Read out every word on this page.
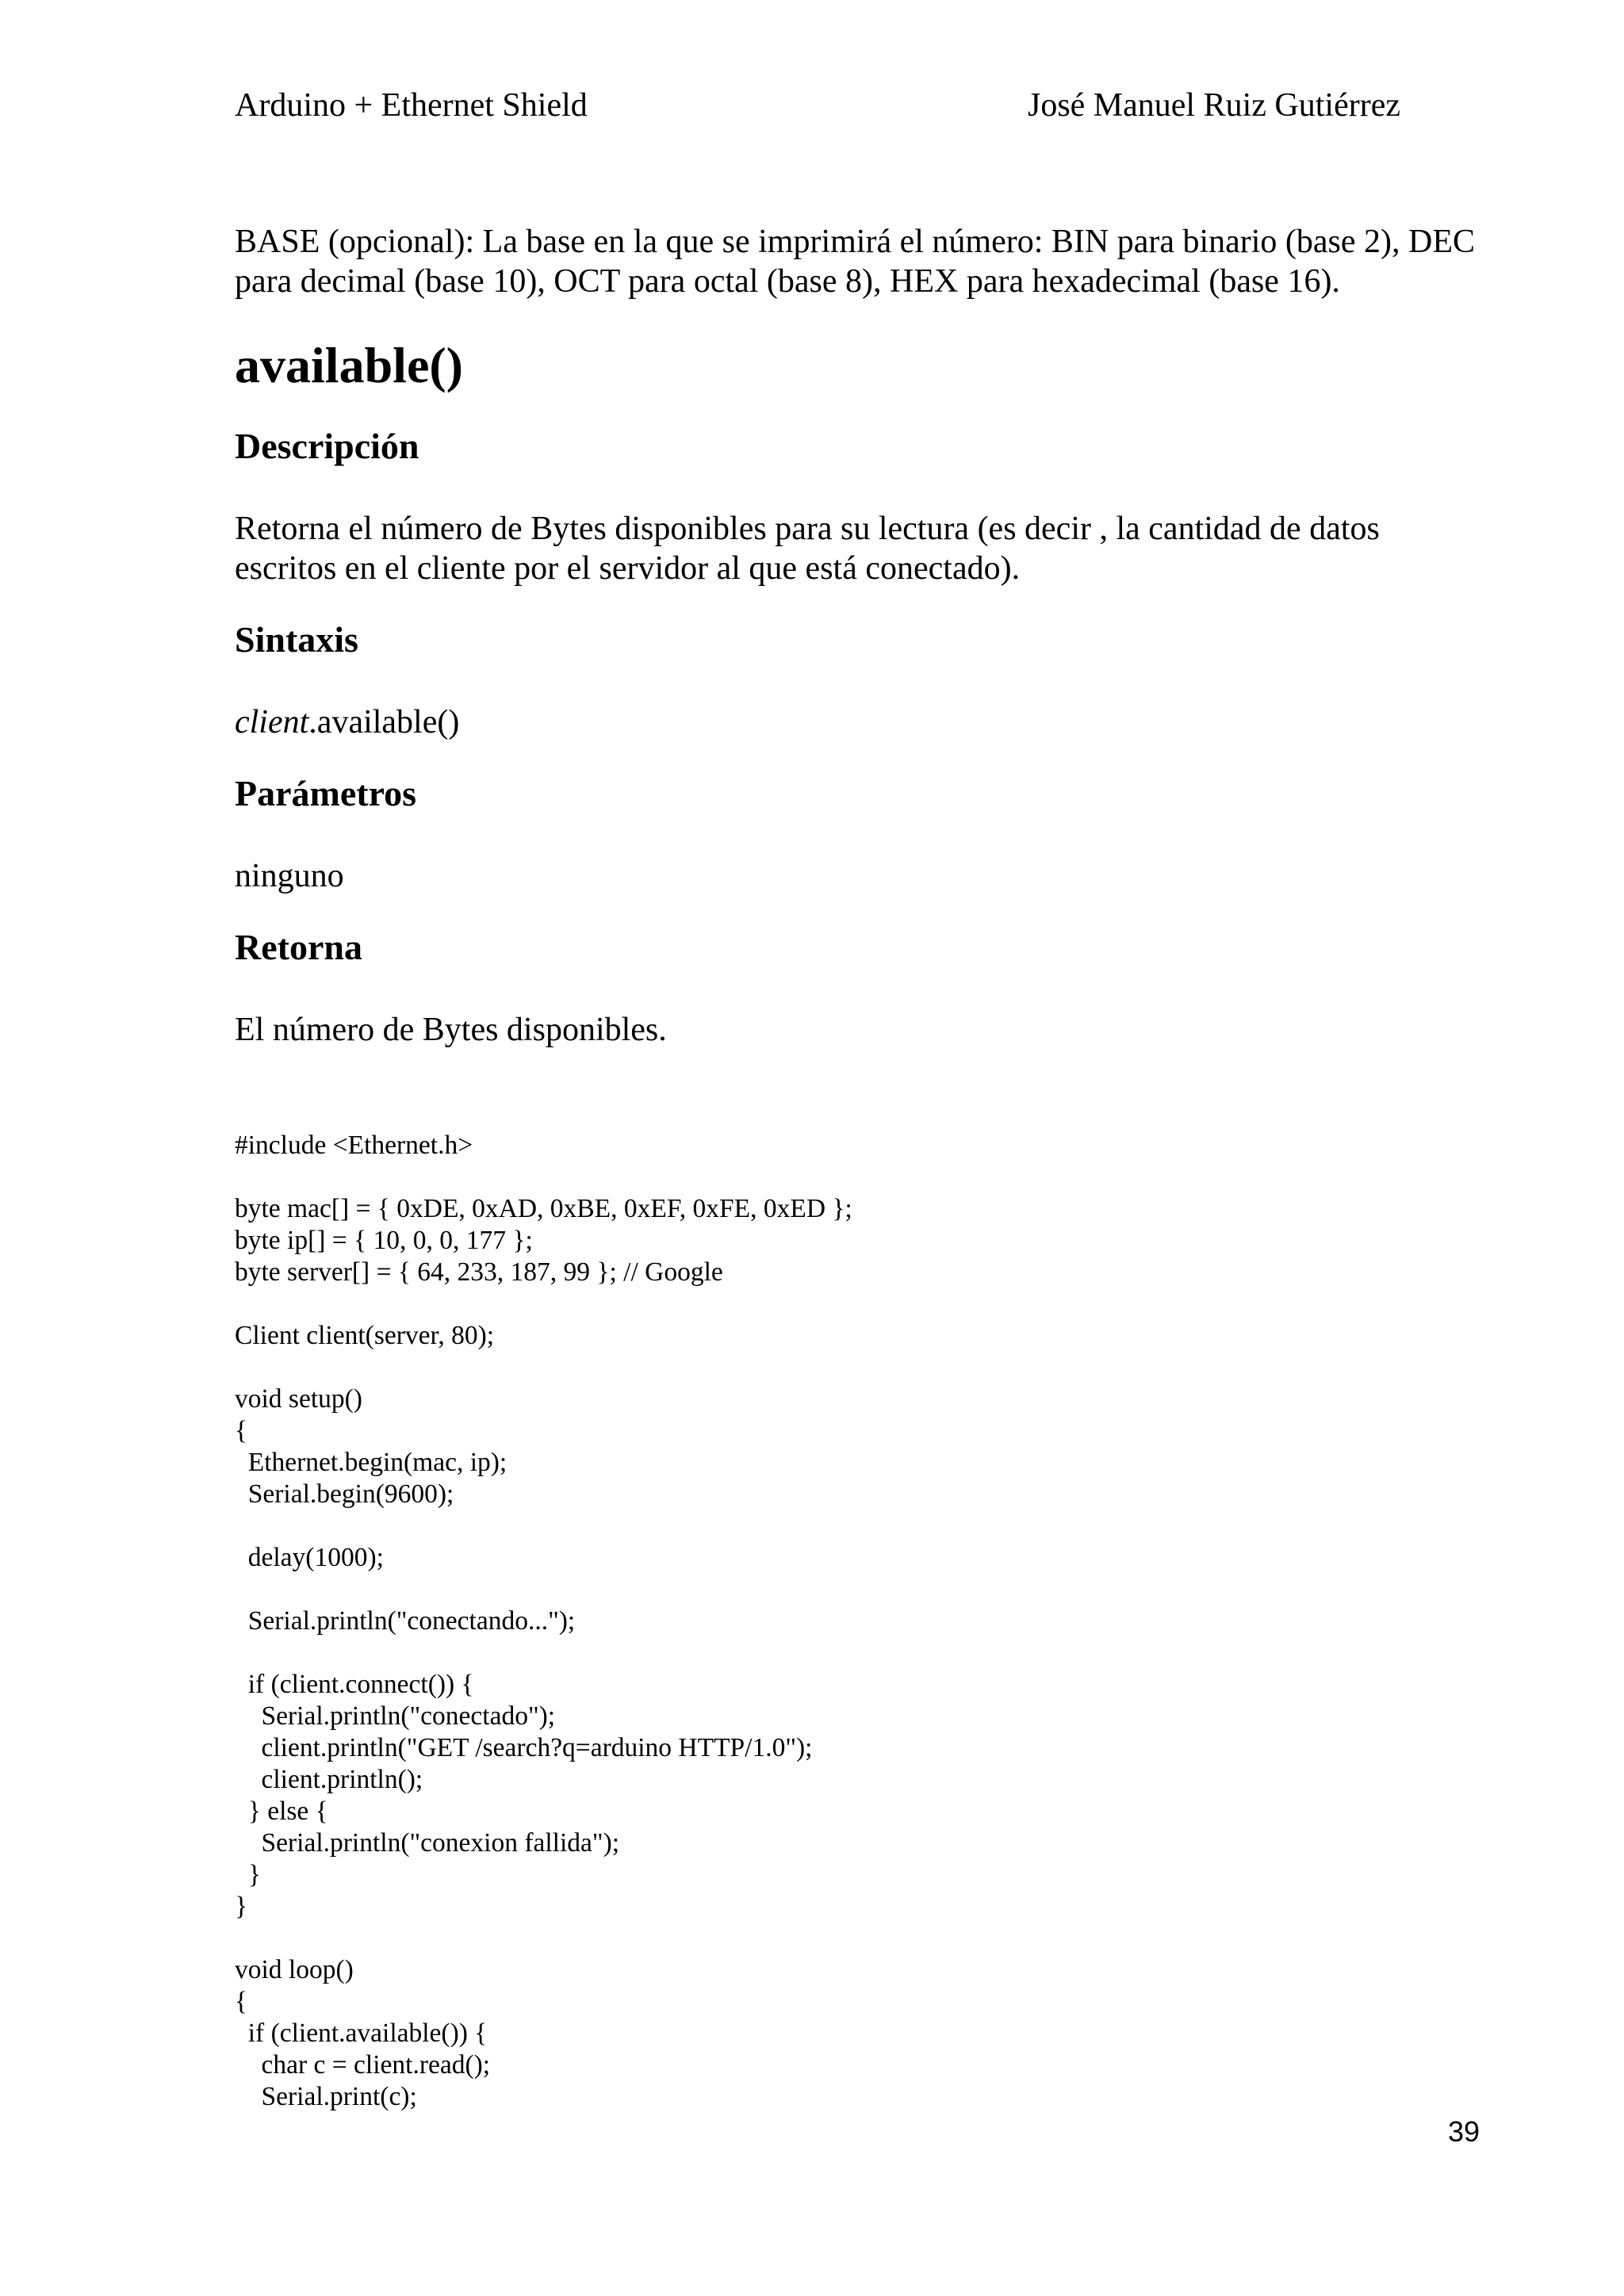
Arduino + Ethernet Shield	José Manuel Ruiz Gutiérrez

BASE (opcional): La base en la que se imprimirá el número: BIN para binario (base 2), DEC para decimal (base 10), OCT para octal (base 8), HEX para hexadecimal (base 16).

available()
Descripción

Retorna el número de Bytes disponibles para su lectura (es decir , la cantidad de datos escritos en el cliente por el servidor al que está conectado).

Sintaxis

client.available()

Parámetros

ninguno

Retorna

El número de Bytes disponibles.

#include <Ethernet.h>
byte mac[] = { 0xDE, 0xAD, 0xBE, 0xEF, 0xFE, 0xED };
byte ip[] = { 10, 0, 0, 177 };
byte server[] = { 64, 233, 187, 99 }; // Google
Client client(server, 80);
void setup()
{
Ethernet.begin(mac, ip);
Serial.begin(9600);
delay(1000);
Serial.println("conectando...");
if (client.connect()) {
Serial.println("conectado");
client.println("GET /search?q=arduino HTTP/1.0");
client.println();
} else {
Serial.println("conexion fallida");
}
}
void loop()
{
if (client.available()) {
char c = client.read();
Serial.print(c);
39
